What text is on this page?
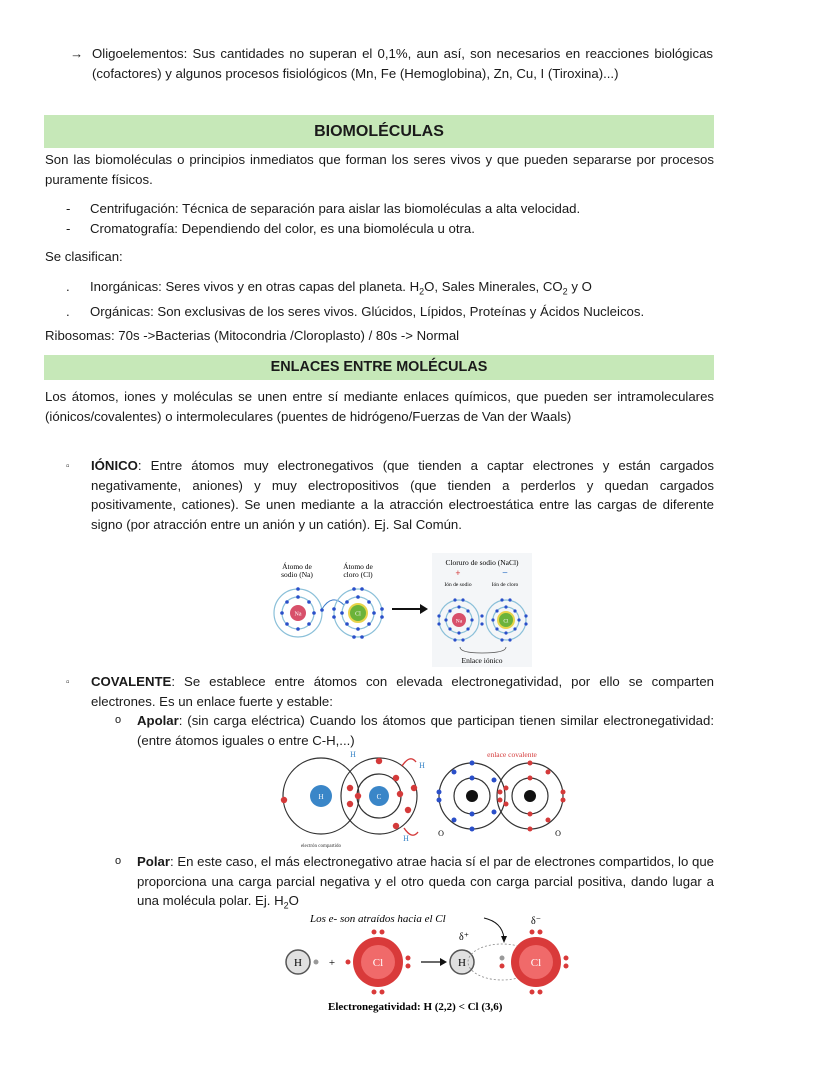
→ Oligoelementos: Sus cantidades no superan el 0,1%, aun así, son necesarios en reacciones biológicas (cofactores) y algunos procesos fisiológicos (Mn, Fe (Hemoglobina), Zn, Cu, I (Tiroxina)...)
BIOMOLÉCULAS
Son las biomoléculas o principios inmediatos que forman los seres vivos y que pueden separarse por procesos puramente físicos.
-	Centrifugación: Técnica de separación para aislar las biomoléculas a alta velocidad.
-	Cromatografía: Dependiendo del color, es una biomolécula u otra.
Se clasifican:
.	Inorgánicas: Seres vivos y en otras capas del planeta. $H_2O$, Sales Minerales, $CO_2$ y O
.	Orgánicas: Son exclusivas de los seres vivos. Glúcidos, Lípidos, Proteínas y Ácidos Nucleicos.
Ribosomas: 70s ->Bacterias (Mitocondria /Cloroplasto) / 80s -> Normal
ENLACES ENTRE MOLÉCULAS
Los átomos, iones y moléculas se unen entre sí mediante enlaces químicos, que pueden ser intramoleculares (iónicos/covalentes) o intermoleculares (puentes de hidrógeno/Fuerzas de Van der Waals)
▫	IÓNICO: Entre átomos muy electronegativos (que tienden a captar electrones y están cargados negativamente, aniones) y muy electropositivos (que tienden a perderlos y quedan cargados positivamente, cationes). Se unen mediante a la atracción electroestática entre las cargas de diferente signo (por atracción entre un anión y un catión). Ej. Sal Común.
Átomo de
sodio (Na)
Átomo de
cloro (Cl)
Na	Cl
Cloruro de sodio (NaCl)
+	−
Ión de sodio	Ión de cloro
Na	Cl
Enlace iónico
▫	COVALENTE: Se establece entre átomos con elevada electronegatividad, por ello se comparten electrones. Es un enlace fuerte y estable:
o	Apolar: (sin carga eléctrica) Cuando los átomos que participan tienen similar electronegatividad: (entre átomos iguales o entre C-H,...)
H	C
H
H
H
electrón compartido
enlace covalente
O	O
o	Polar: En este caso, el más electronegativo atrae hacia sí el par de electrones compartidos, lo que proporciona una carga parcial negativa y el otro queda con carga parcial positiva, dando lugar a una molécula polar. Ej. $H_2O$
Los e- son atraídos hacia el Cl	δ⁻
δ⁺
H +	Cl	H	Cl
Electronegatividad: H (2,2) < Cl (3,6)
